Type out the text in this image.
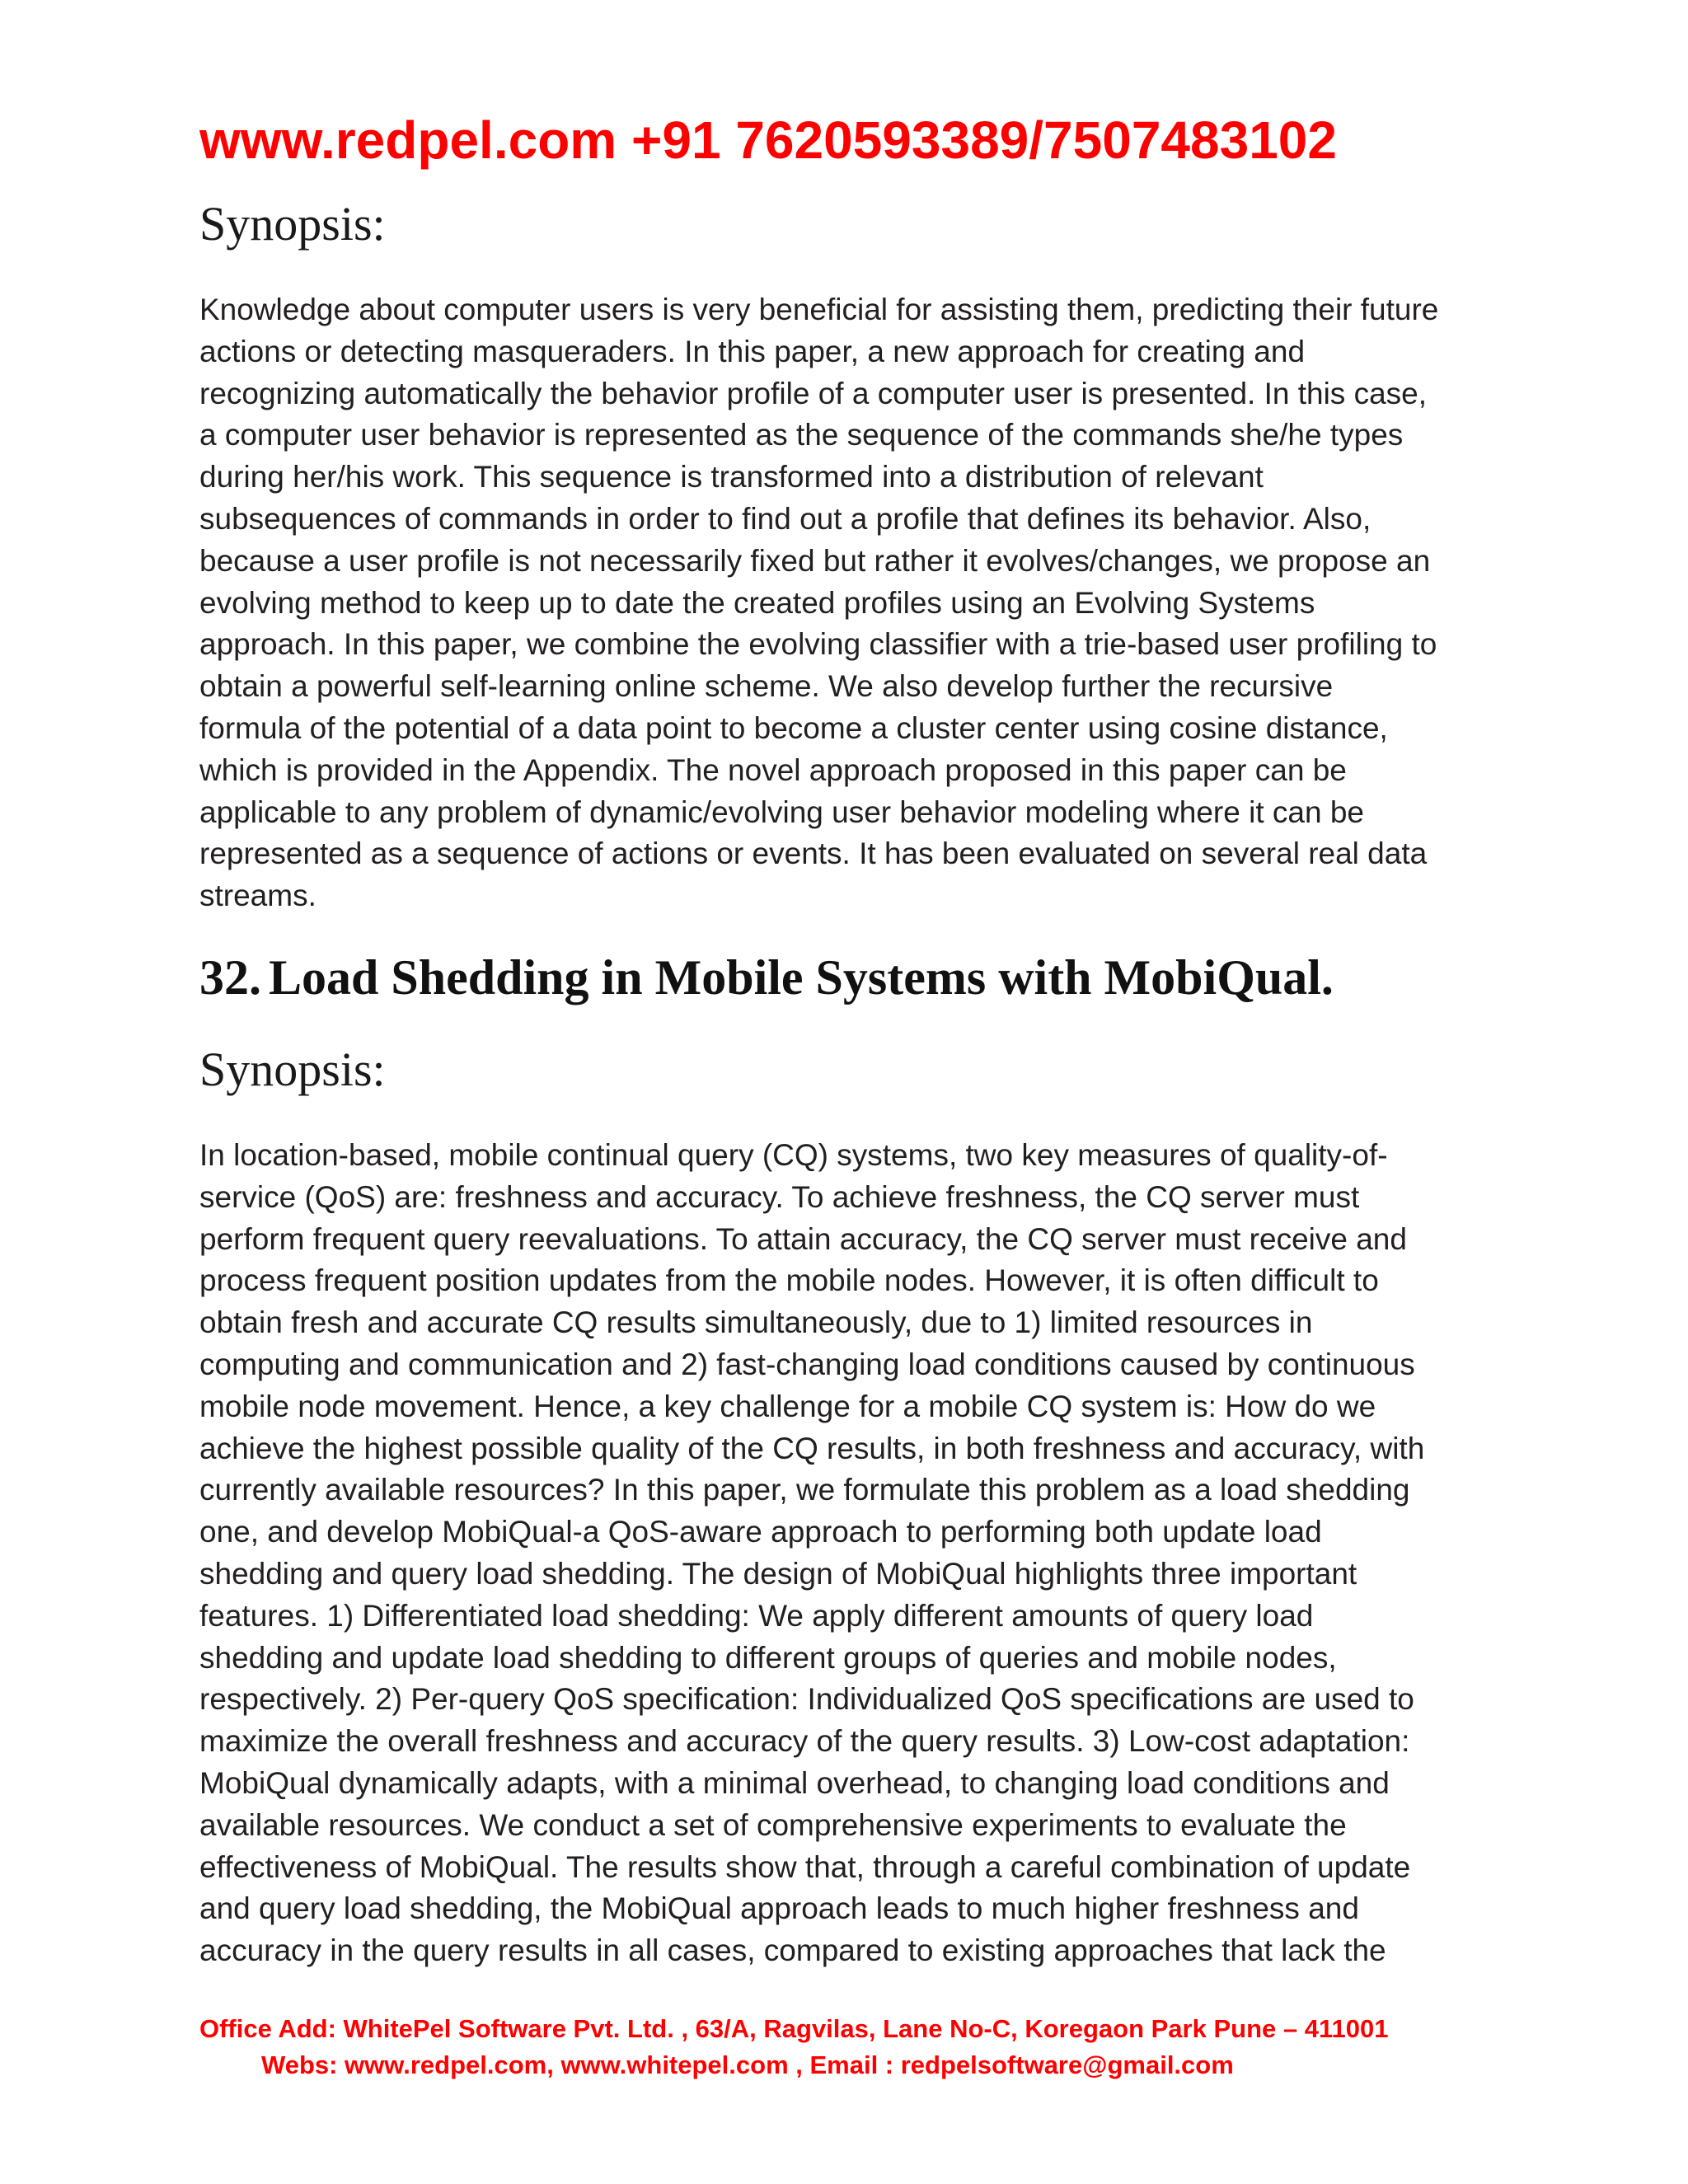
www.redpel.com +91 7620593389/7507483102
Synopsis:
Knowledge about computer users is very beneficial for assisting them, predicting their future
actions or detecting masqueraders. In this paper, a new approach for creating and
recognizing automatically the behavior profile of a computer user is presented. In this case,
a computer user behavior is represented as the sequence of the commands she/he types
during her/his work. This sequence is transformed into a distribution of relevant
subsequences of commands in order to find out a profile that defines its behavior. Also,
because a user profile is not necessarily fixed but rather it evolves/changes, we propose an
evolving method to keep up to date the created profiles using an Evolving Systems
approach. In this paper, we combine the evolving classifier with a trie-based user profiling to
obtain a powerful self-learning online scheme. We also develop further the recursive
formula of the potential of a data point to become a cluster center using cosine distance,
which is provided in the Appendix. The novel approach proposed in this paper can be
applicable to any problem of dynamic/evolving user behavior modeling where it can be
represented as a sequence of actions or events. It has been evaluated on several real data
streams.
32. Load Shedding in Mobile Systems with MobiQual.
Synopsis:
In location-based, mobile continual query (CQ) systems, two key measures of quality-of-
service (QoS) are: freshness and accuracy. To achieve freshness, the CQ server must
perform frequent query reevaluations. To attain accuracy, the CQ server must receive and
process frequent position updates from the mobile nodes. However, it is often difficult to
obtain fresh and accurate CQ results simultaneously, due to 1) limited resources in
computing and communication and 2) fast-changing load conditions caused by continuous
mobile node movement. Hence, a key challenge for a mobile CQ system is: How do we
achieve the highest possible quality of the CQ results, in both freshness and accuracy, with
currently available resources? In this paper, we formulate this problem as a load shedding
one, and develop MobiQual-a QoS-aware approach to performing both update load
shedding and query load shedding. The design of MobiQual highlights three important
features. 1) Differentiated load shedding: We apply different amounts of query load
shedding and update load shedding to different groups of queries and mobile nodes,
respectively. 2) Per-query QoS specification: Individualized QoS specifications are used to
maximize the overall freshness and accuracy of the query results. 3) Low-cost adaptation:
MobiQual dynamically adapts, with a minimal overhead, to changing load conditions and
available resources. We conduct a set of comprehensive experiments to evaluate the
effectiveness of MobiQual. The results show that, through a careful combination of update
and query load shedding, the MobiQual approach leads to much higher freshness and
accuracy in the query results in all cases, compared to existing approaches that lack the
Office Add: WhitePel Software Pvt. Ltd. , 63/A, Ragvilas, Lane No-C, Koregaon Park Pune – 411001
Webs: www.redpel.com, www.whitepel.com , Email : redpelsoftware@gmail.com
